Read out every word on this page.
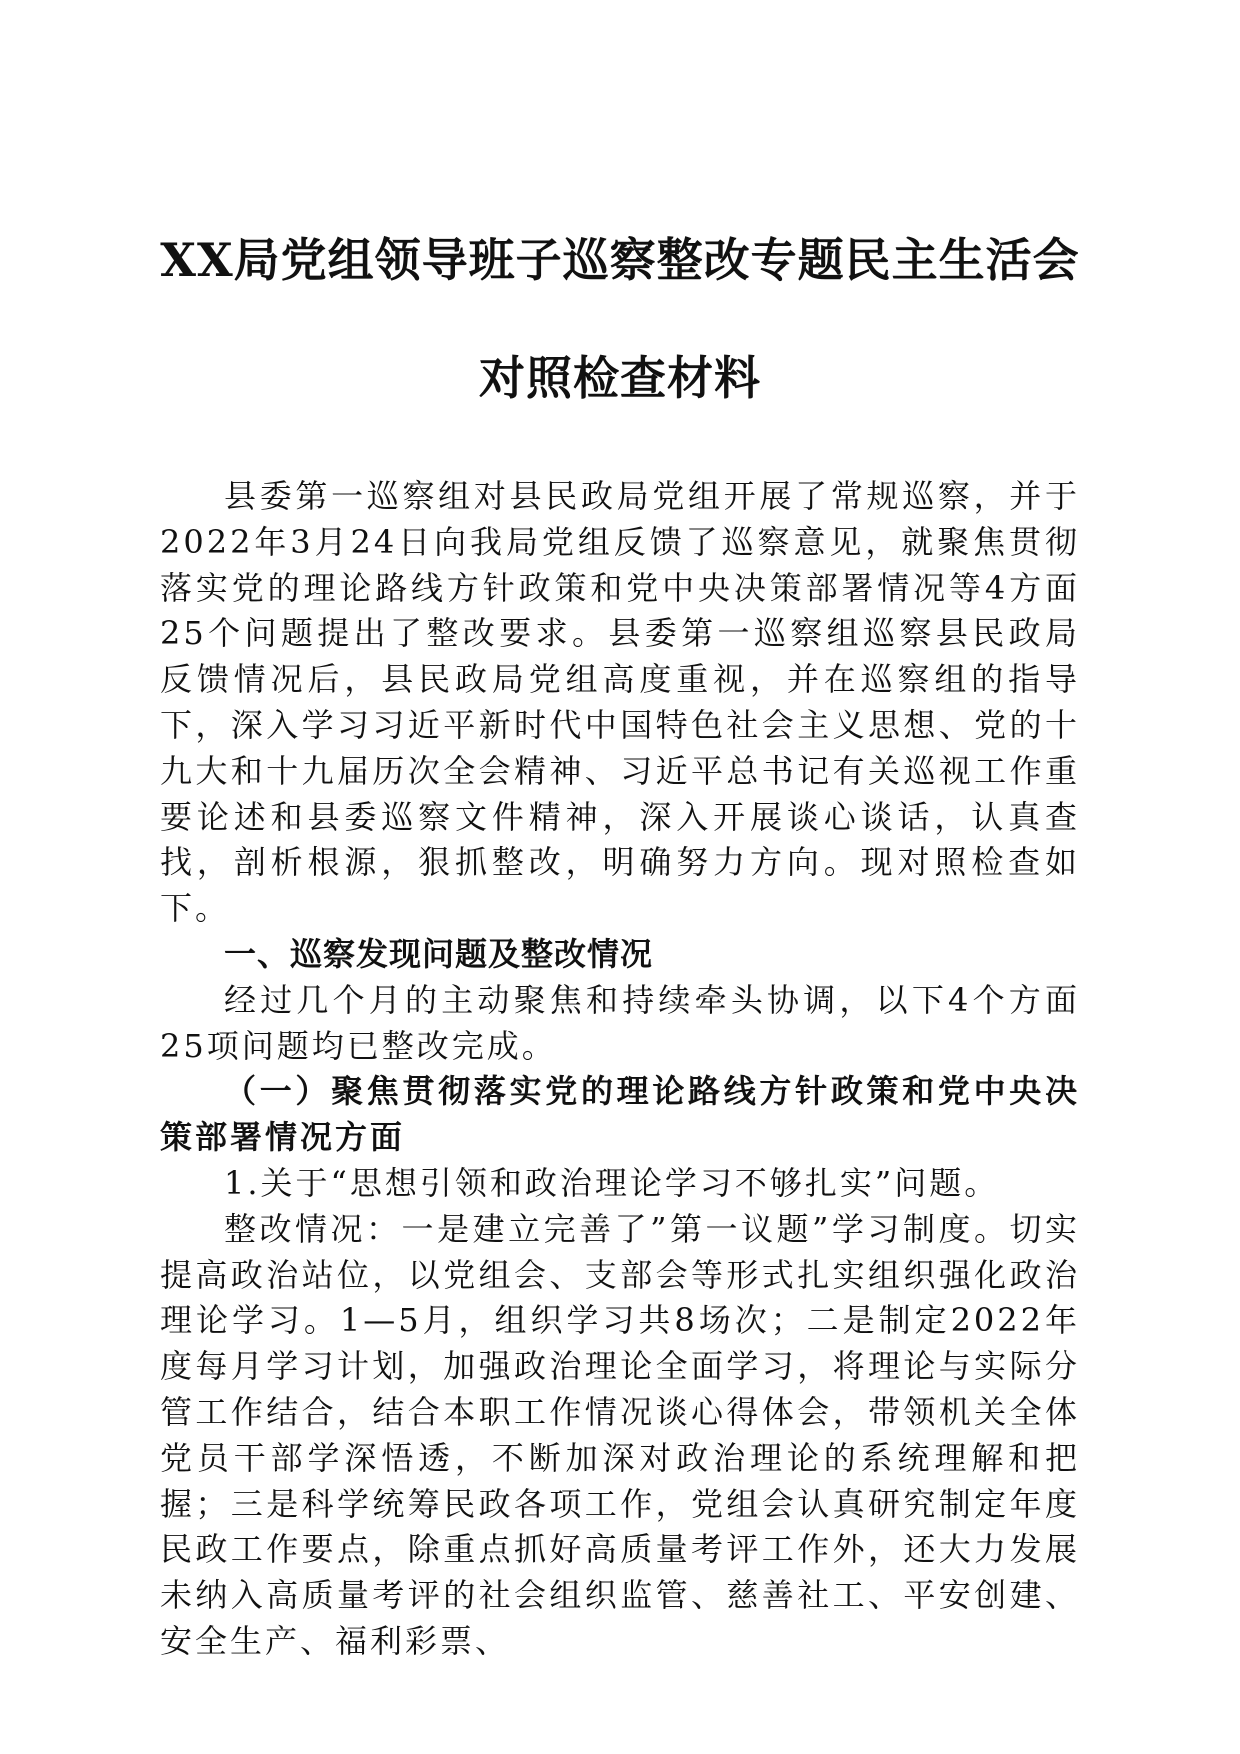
XX局党组领导班子巡察整改专题民主生活会
对照检查材料

县委第一巡察组对县民政局党组开展了常规巡察，并于2022年3月24日向我局党组反馈了巡察意见，就聚焦贯彻落实党的理论路线方针政策和党中央决策部署情况等4方面25个问题提出了整改要求。县委第一巡察组巡察县民政局反馈情况后，县民政局党组高度重视，并在巡察组的指导下，深入学习习近平新时代中国特色社会主义思想、党的十九大和十九届历次全会精神、习近平总书记有关巡视工作重要论述和县委巡察文件精神，深入开展谈心谈话，认真查找，剖析根源，狠抓整改，明确努力方向。现对照检查如下。

一、巡察发现问题及整改情况

经过几个月的主动聚焦和持续牵头协调，以下4个方面25项问题均已整改完成。

（一）聚焦贯彻落实党的理论路线方针政策和党中央决策部署情况方面

1.关于“思想引领和政治理论学习不够扎实”问题。

整改情况：一是建立完善了”第一议题”学习制度。切实提高政治站位，以党组会、支部会等形式扎实组织强化政治理论学习。1—5月，组织学习共8场次；二是制定2022年度每月学习计划，加强政治理论全面学习，将理论与实际分管工作结合，结合本职工作情况谈心得体会，带领机关全体党员干部学深悟透，不断加深对政治理论的系统理解和把握；三是科学统筹民政各项工作，党组会认真研究制定年度民政工作要点，除重点抓好高质量考评工作外，还大力发展未纳入高质量考评的社会组织监管、慈善社工、平安创建、安全生产、福利彩票、
